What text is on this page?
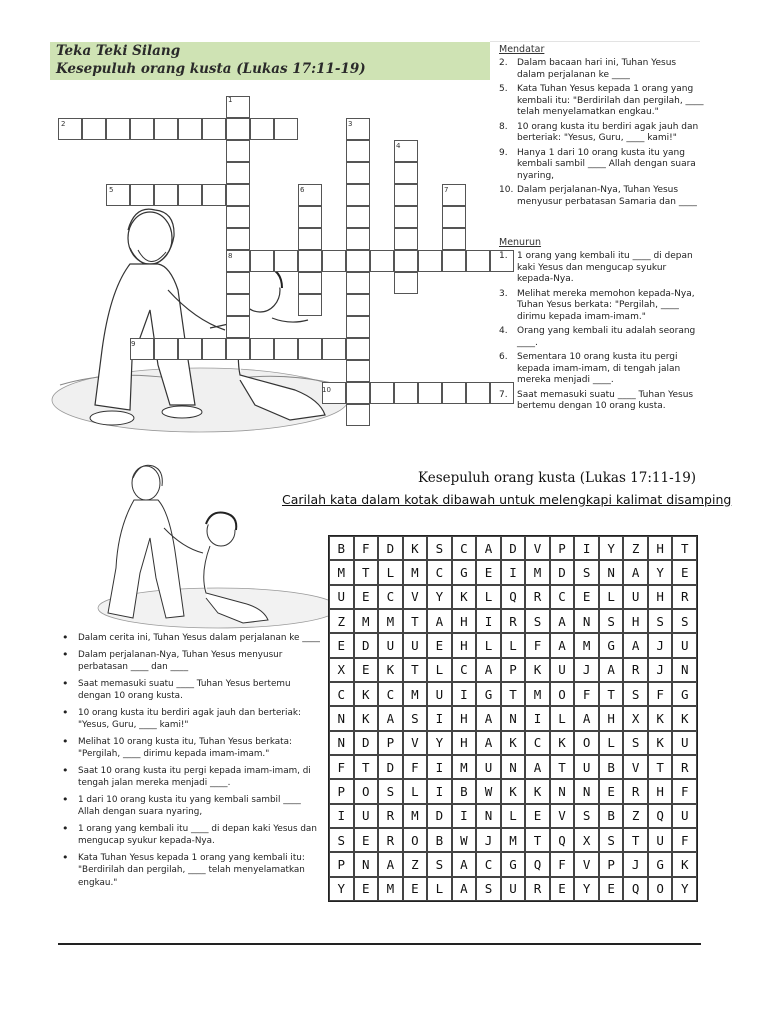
Teka Teki Silang
Kesepuluh orang kusta (Lukas 17:11-19)
1
2	3
4
5	6	7
8
9
10
Mendatar
2. Dalam bacaan hari ini, Tuhan Yesus dalam perjalanan ke ____
5. Kata Tuhan Yesus kepada 1 orang yang kembali itu: "Berdirilah dan pergilah, ____ telah menyelamatkan engkau."
8. 10 orang kusta itu berdiri agak jauh dan berteriak: "Yesus, Guru, ____ kami!"
9. Hanya 1 dari 10 orang kusta itu yang kembali sambil ____ Allah dengan suara nyaring,
10. Dalam perjalanan-Nya, Tuhan Yesus menyusur perbatasan Samaria dan ____
Menurun
1. 1 orang yang kembali itu ____ di depan kaki Yesus dan mengucap syukur kepada-Nya.
3. Melihat mereka memohon kepada-Nya, Tuhan Yesus berkata: "Pergilah, ____ dirimu kepada imam-imam."
4. Orang yang kembali itu adalah seorang ____.
6. Sementara 10 orang kusta itu pergi kepada imam-imam, di tengah jalan mereka menjadi ____.
7. Saat memasuki suatu ____ Tuhan Yesus bertemu dengan 10 orang kusta.
Kesepuluh orang kusta (Lukas 17:11-19)
Carilah kata dalam kotak dibawah untuk melengkapi kalimat disamping
B	F	D	K	S	C	A	D	V	P	I	Y	Z	H	T
M	T	L	M	C	G	E	I	M	D	S	N	A	Y	E
U	E	C	V	Y	K	L	Q	R	C	E	L	U	H	R
Z	M	M	T	A	H	I	R	S	A	N	S	H	S	S
E	D	U	U	E	H	L	L	F	A	M	G	A	J	U
X	E	K	T	L	C	A	P	K	U	J	A	R	J	N
C	K	C	M	U	I	G	T	M	O	F	T	S	F	G
N	K	A	S	I	H	A	N	I	L	A	H	X	K	K
N	D	P	V	Y	H	A	K	C	K	O	L	S	K	U
F	T	D	F	I	M	U	N	A	T	U	B	V	T	R
P	O	S	L	I	B	W	K	K	N	N	E	R	H	F
I	U	R	M	D	I	N	L	E	V	S	B	Z	Q	U
S	E	R	O	B	W	J	M	T	Q	X	S	T	U	F
P	N	A	Z	S	A	C	G	Q	F	V	P	J	G	K
Y	E	M	E	L	A	S	U	R	E	Y	E	Q	O	Y
• Dalam cerita ini, Tuhan Yesus dalam perjalanan ke ____
• Dalam perjalanan-Nya, Tuhan Yesus menyusur perbatasan ____ dan ____
• Saat memasuki suatu ____ Tuhan Yesus bertemu dengan 10 orang kusta.
• 10 orang kusta itu berdiri agak jauh dan berteriak: "Yesus, Guru, ____ kami!"
• Melihat 10 orang kusta itu, Tuhan Yesus berkata: "Pergilah, ____ dirimu kepada imam-imam."
• Saat 10 orang kusta itu pergi kepada imam-imam, di tengah jalan mereka menjadi ____.
• 1 dari 10 orang kusta itu yang kembali sambil ____ Allah dengan suara nyaring,
• 1 orang yang kembali itu ____ di depan kaki Yesus dan mengucap syukur kepada-Nya.
• Kata Tuhan Yesus kepada 1 orang yang kembali itu: "Berdirilah dan pergilah, ____ telah menyelamatkan engkau."
